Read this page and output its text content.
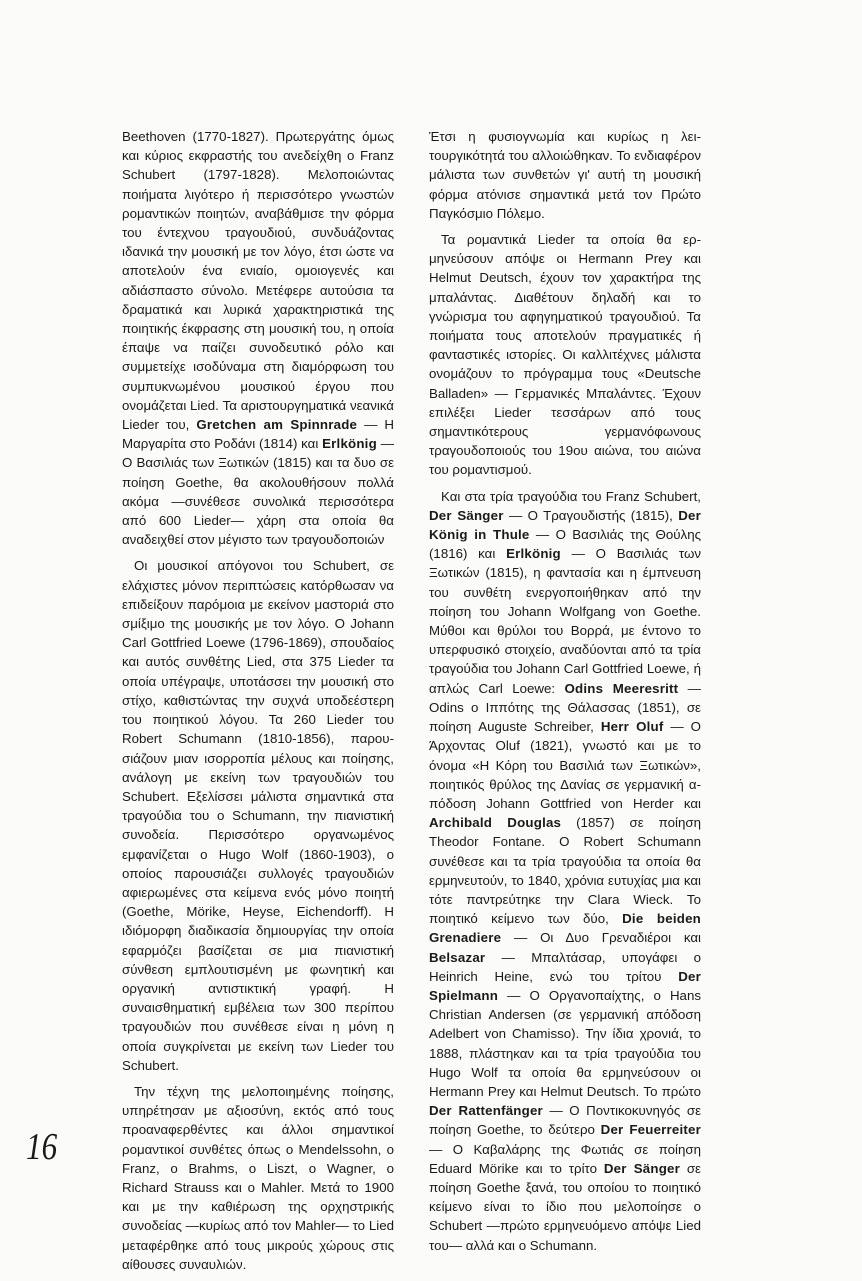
Beethoven (1770-1827). Πρωτεργάτης όμως και κύριος εκφραστής του ανεδείχθη ο Franz Schubert (1797-1828). Μελοποιώντας ποιήματα λιγότερο ή περισσότερο γνωστών ρομαντικών ποιητών, αναβάθμισε την φόρμα του έντεχνου τραγουδιού, συνδυάζοντας ιδανικά την μουσική με τον λόγο, έτσι ώστε να αποτελούν ένα ενιαίο, ομοιογενές και αδιάσπαστο σύνολο. Μετέφερε αυτούσια τα δραματικά και λυρικά χαρακτηριστικά της ποιητικής έκφρασης στη μουσική του, η οποία έπαψε να παίζει συνοδευτικό ρόλο και συμμετείχε ισοδύναμα στη διαμόρφωση του συμπυκνωμένου μουσικού έργου που ονομάζεται Lied. Τα αριστουργηματικά νεανικά Lieder του, Gretchen am Spinnrade — Η Μαργαρίτα στο Ροδάνι (1814) και Erlkönig — Ο Βασιλιάς των Ξωτικών (1815) και τα δυο σε ποίηση Goethe, θα ακολουθήσουν πολλά ακόμα —συνέθεσε συνολικά περισσότερα από 600 Lieder— χάρη στα οποία θα αναδειχθεί στον μέγιστο των τραγουδοποιών

Οι μουσικοί απόγονοι του Schubert, σε ελάχιστες μόνον περιπτώσεις κατόρθωσαν να επιδείξουν παρόμοια με εκείνον μαστοριά στο σμίξιμο της μουσικής με τον λόγο. Ο Johann Carl Gottfried Loewe (1796-1869), σπουδαίος και αυτός συνθέτης Lied, στα 375 Lieder τα οποία υπέγραψε, υποτάσσει την μουσική στο στίχο, καθιστώντας την συχνά υποδεέστερη του ποιητικού λόγου. Τα 260 Lieder του Robert Schumann (1810-1856), παρουσιάζουν μιαν ισορροπία μέλους και ποίησης, ανάλογη με εκείνη των τραγουδιών του Schubert. Εξελίσσει μάλιστα σημαντικά στα τραγούδια του ο Schumann, την πιανιστική συνοδεία. Περισσότερο οργανωμένος εμφανίζεται ο Hugo Wolf (1860-1903), ο οποίος παρουσιάζει συλλογές τραγουδιών αφιερωμένες στα κείμενα ενός μόνο ποιητή (Goethe, Mörike, Heyse, Eichendorff). Η ιδιόμορφη διαδικασία δημιουργίας την οποία εφαρμόζει βασίζεται σε μια πιανιστική σύνθεση εμπλουτισμένη με φωνητική και οργανική αντιστικτική γραφή. Η συναισθηματική εμβέλεια των 300 περίπου τραγουδιών που συνέθεσε είναι η μόνη η οποία συγκρίνεται με εκείνη των Lieder του Schubert.

Την τέχνη της μελοποιημένης ποίησης, υπηρέτησαν με αξιοσύνη, εκτός από τους προαναφερθέντες και άλλοι σημαντικοί ρομαντικοί συνθέτες όπως ο Mendelssohn, ο Franz, ο Brahms, ο Liszt, ο Wagner, ο Richard Strauss και ο Mahler. Μετά το 1900 και με την καθιέρωση της ορχηστρικής συνοδείας —κυρίως από τον Mahler— το Lied μεταφέρθηκε από τους μικρούς χώρους στις αίθουσες συναυλιών.

Έτσι η φυσιογνωμία και κυρίως η λειτουργικότητά του αλλοιώθηκαν. Το ενδιαφέρον μάλιστα των συνθετών γι' αυτή τη μουσική φόρμα ατόνισε σημαντικά μετά τον Πρώτο Παγκόσμιο Πόλεμο.

Τα ρομαντικά Lieder τα οποία θα ερμηνεύσουν απόψε οι Hermann Prey και Helmut Deutsch, έχουν τον χαρακτήρα της μπαλάντας. Διαθέτουν δηλαδή και το γνώρισμα του αφηγηματικού τραγουδιού. Τα ποιήματα τους αποτελούν πραγματικές ή φανταστικές ιστορίες. Οι καλλιτέχνες μάλιστα ονομάζουν το πρόγραμμα τους «Deutsche Balladen» — Γερμανικές Μπαλάντες. Έχουν επιλέξει Lieder τεσσάρων από τους σημαντικότερους γερμανόφωνους τραγουδοποιούς του 19ου αιώνα, του αιώνα του ρομαντισμού.

Και στα τρία τραγούδια του Franz Schubert, Der Sänger — Ο Τραγουδιστής (1815), Der König in Thule — Ο Βασιλιάς της Θούλης (1816) και Erlkönig — Ο Βασιλιάς των Ξωτικών (1815), η φαντασία και η έμπνευση του συνθέτη ενεργοποιήθηκαν από την ποίηση του Johann Wolfgang von Goethe. Μύθοι και θρύλοι του Βορρά, με έντονο το υπερφυσικό στοιχείο, αναδύονται από τα τρία τραγούδια του Johann Carl Gottfried Loewe, ή απλώς Carl Loewe: Odins Meeresritt — Odins ο Ιππότης της Θάλασσας (1851), σε ποίηση Auguste Schreiber, Herr Oluf — Ο Άρχοντας Οluf (1821), γνωστό και με το όνομα «Η Κόρη του Βασιλιά των Ξωτικών», ποιητικός θρύλος της Δανίας σε γερμανική απόδοση Johann Gottfried von Herder και Archibald Douglas (1857) σε ποίηση Theodor Fontane. Ο Robert Schumann συνέθεσε και τα τρία τραγούδια τα οποία θα ερμηνευτούν, το 1840, χρόνια ευτυχίας μια και τότε παντρεύτηκε την Clara Wieck. Το ποιητικό κείμενο των δύο, Die beiden Grenadiere — Οι Δυο Γρεναδιέροι και Belsazar — Μπαλτάσαρ, υπογάφει ο Heinrich Heine, ενώ του τρίτου Der Spielmann — Ο Οργανοπαίχτης, ο Hans Christian Andersen (σε γερμανική απόδοση Adelbert von Chamisso). Την ίδια χρονιά, το 1888, πλάστηκαν και τα τρία τραγούδια του Hugo Wolf τα οποία θα ερμηνεύσουν οι Hermann Prey και Helmut Deutsch. Το πρώτο Der Rattenfänger — Ο Ποντικοκυνηγός σε ποίηση Goethe, το δεύτερο Der Feuerreiter — Ο Καβαλάρης της Φωτιάς σε ποίηση Eduard Mörike και το τρίτο Der Sänger σε ποίηση Goethe ξανά, του οποίου το ποιητικό κείμενο είναι το ίδιο που μελοποίησε ο Schubert —πρώτο ερμηνευόμενο απόψε Lied του— αλλά και ο Schumann.

16
